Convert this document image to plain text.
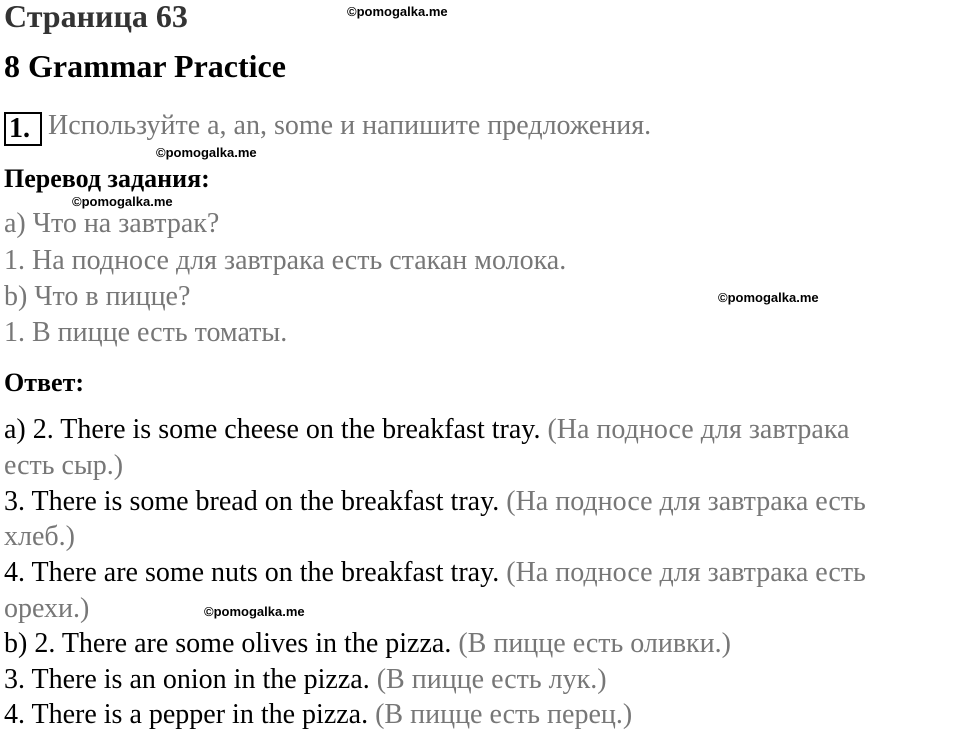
Страница 63	©pomogalka.me
8 Grammar Practice
1. Используйте a, an, some и напишите предложения.
©pomogalka.me
Перевод задания:
©pomogalka.me
a) Что на завтрак?
1. На подносе для завтрака есть стакан молока.
b) Что в пицце?	©pomogalka.me
1. В пицце есть томаты.
Ответ:
a) 2. There is some cheese on the breakfast tray. (На подносе для завтрака
есть сыр.)
3. There is some bread on the breakfast tray. (На подносе для завтрака есть
хлеб.)
4. There are some nuts on the breakfast tray. (На подносе для завтрака есть
орехи.)	©pomogalka.me
b) 2. There are some olives in the pizza. (В пицце есть оливки.)
3. There is an onion in the pizza. (В пицце есть лук.)
4. There is a pepper in the pizza. (В пицце есть перец.)
